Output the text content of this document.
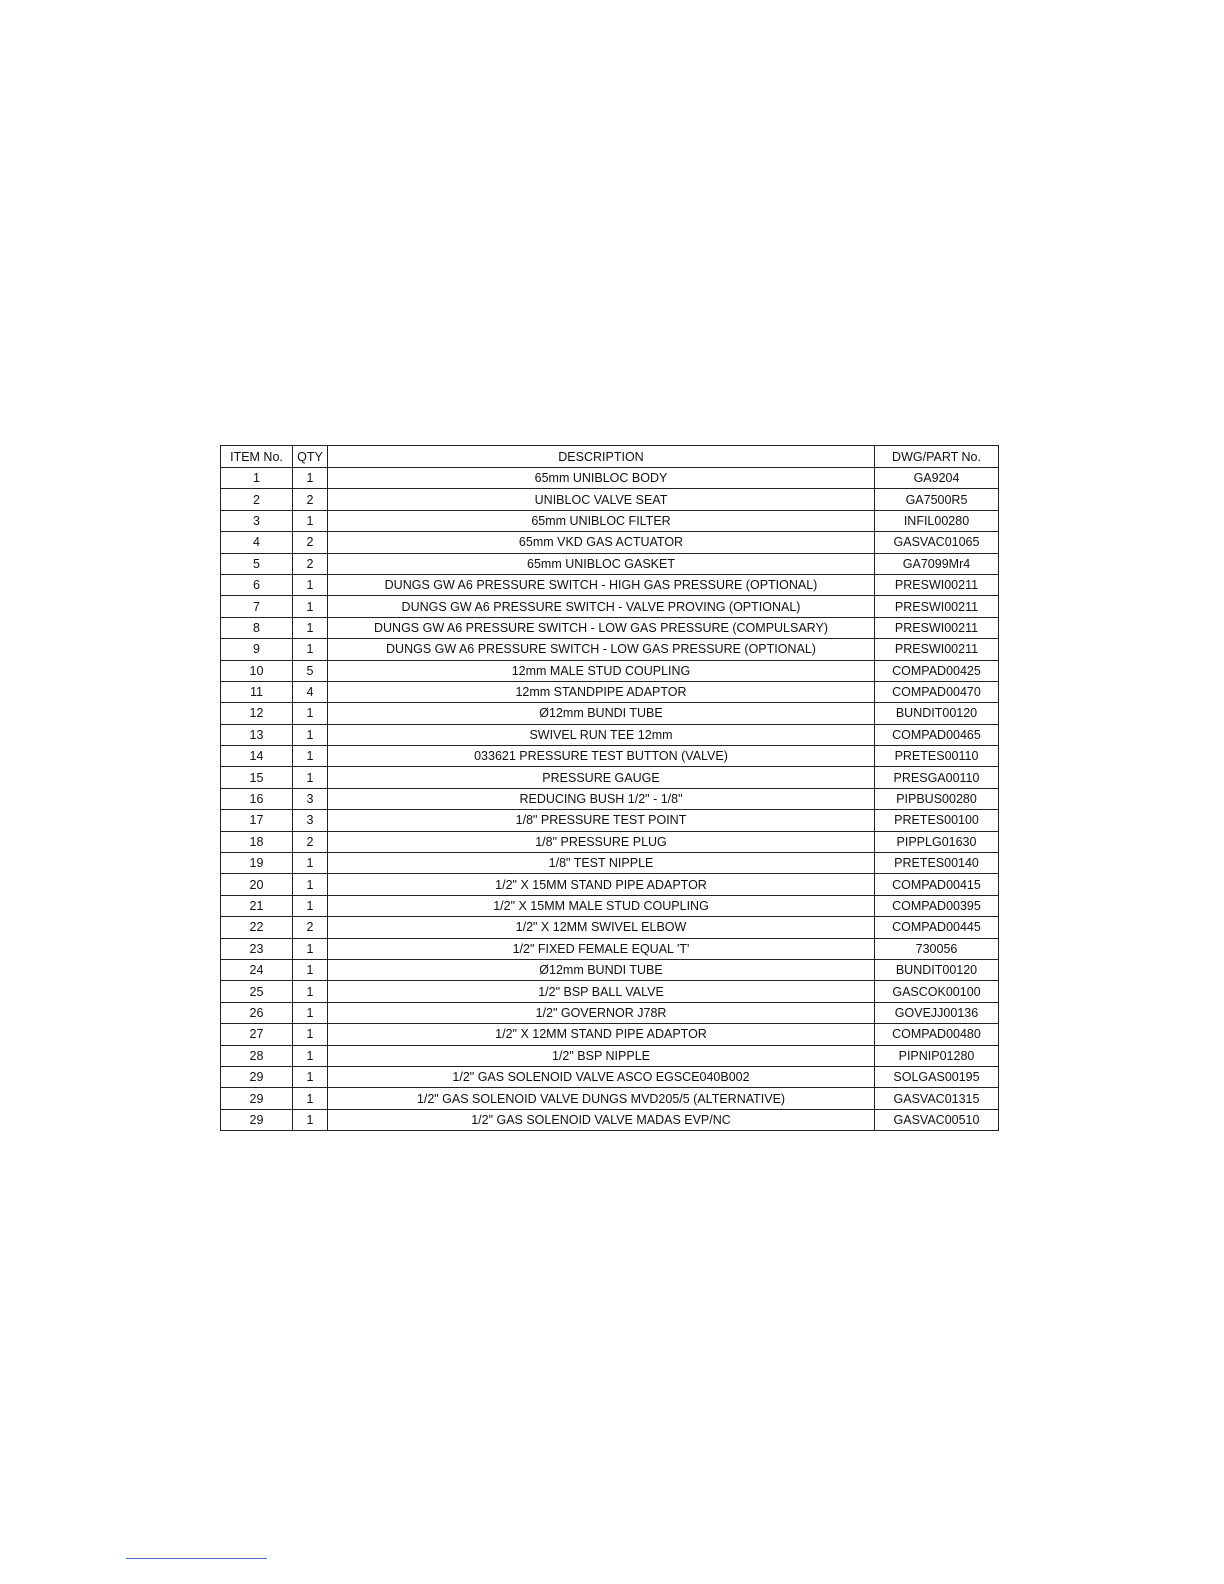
ITEM No.	QTY	DESCRIPTION	DWG/PART No.
1	1	65mm UNIBLOC BODY	GA9204
2	2	UNIBLOC VALVE SEAT	GA7500R5
3	1	65mm UNIBLOC FILTER	INFIL00280
4	2	65mm VKD GAS ACTUATOR	GASVAC01065
5	2	65mm UNIBLOC GASKET	GA7099Mr4
6	1	DUNGS GW A6 PRESSURE SWITCH - HIGH GAS PRESSURE (OPTIONAL)	PRESWI00211
7	1	DUNGS GW A6 PRESSURE SWITCH - VALVE PROVING (OPTIONAL)	PRESWI00211
8	1	DUNGS GW A6 PRESSURE SWITCH - LOW GAS PRESSURE (COMPULSARY)	PRESWI00211
9	1	DUNGS GW A6 PRESSURE SWITCH - LOW GAS PRESSURE (OPTIONAL)	PRESWI00211
10	5	12mm MALE STUD COUPLING	COMPAD00425
11	4	12mm STANDPIPE ADAPTOR	COMPAD00470
12	1	Ø12mm BUNDI TUBE	BUNDIT00120
13	1	SWIVEL RUN TEE 12mm	COMPAD00465
14	1	033621 PRESSURE TEST BUTTON (VALVE)	PRETES00110
15	1	PRESSURE GAUGE	PRESGA00110
16	3	REDUCING BUSH 1/2" - 1/8"	PIPBUS00280
17	3	1/8" PRESSURE TEST POINT	PRETES00100
18	2	1/8" PRESSURE PLUG	PIPPLG01630
19	1	1/8" TEST NIPPLE	PRETES00140
20	1	1/2" X 15MM STAND PIPE ADAPTOR	COMPAD00415
21	1	1/2" X 15MM MALE STUD COUPLING	COMPAD00395
22	2	1/2" X 12MM SWIVEL ELBOW	COMPAD00445
23	1	1/2" FIXED FEMALE EQUAL 'T'	730056
24	1	Ø12mm BUNDI TUBE	BUNDIT00120
25	1	1/2" BSP BALL VALVE	GASCOK00100
26	1	1/2" GOVERNOR J78R	GOVEJJ00136
27	1	1/2" X 12MM STAND PIPE ADAPTOR	COMPAD00480
28	1	1/2" BSP NIPPLE	PIPNIP01280
29	1	1/2" GAS SOLENOID VALVE ASCO EGSCE040B002	SOLGAS00195
29	1	1/2" GAS SOLENOID VALVE DUNGS MVD205/5 (ALTERNATIVE)	GASVAC01315
29	1	1/2" GAS SOLENOID VALVE MADAS EVP/NC	GASVAC00510
